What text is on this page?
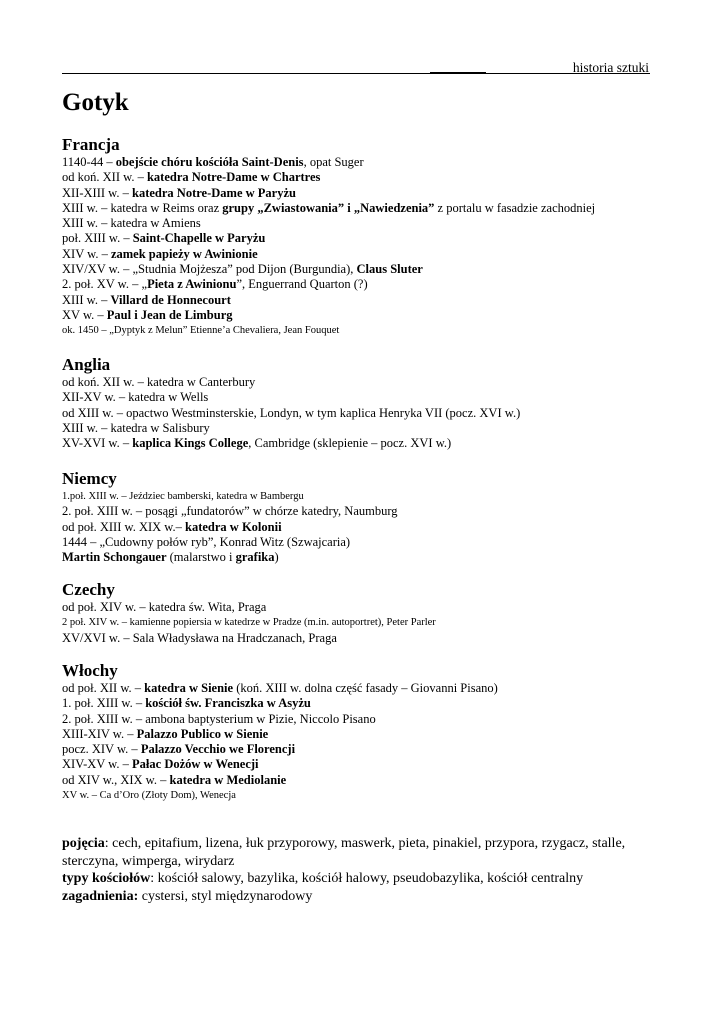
historia sztuki
Gotyk
Francja
1140-44 – obejście chóru kościóła Saint-Denis, opat Suger
od koń. XII w. – katedra Notre-Dame w Chartres
XII-XIII w. – katedra Notre-Dame w Paryżu
XIII w. – katedra w Reims oraz grupy „Zwiastowania” i „Nawiedzenia” z portalu w fasadzie zachodniej
XIII w. – katedra w Amiens
poł. XIII w. – Saint-Chapelle w Paryżu
XIV w. – zamek papieży w Awinionie
XIV/XV w. – „Studnia Mojżesza” pod Dijon (Burgundia), Claus Sluter
2. poł. XV w. – „Pieta z Awinionu”, Enguerrand Quarton (?)
XIII w. – Villard de Honnecourt
XV w. – Paul i Jean de Limburg
ok. 1450 – „Dyptyk z Melun” Etienne’a Chevaliera, Jean Fouquet
Anglia
od koń. XII w. – katedra w Canterbury
XII-XV w. – katedra w Wells
od XIII w. – opactwo Westminsterskie, Londyn, w tym kaplica Henryka VII (pocz. XVI w.)
XIII w. – katedra w Salisbury
XV-XVI w. – kaplica Kings College, Cambridge (sklepienie – pocz. XVI w.)
Niemcy
1.poł. XIII w. – Jeździec bamberski, katedra w Bambergu
2. poł. XIII w. – posągi „fundatorów” w chórze katedry, Naumburg
od poł. XIII w. XIX w.– katedra w Kolonii
1444 – „Cudowny połów ryb”, Konrad Witz (Szwajcaria)
Martin Schongauer (malarstwo i grafika)
Czechy
od poł. XIV w. – katedra św. Wita, Praga
2 poł. XIV w. – kamienne popiersia w katedrze w Pradze (m.in. autoportret), Peter Parler
XV/XVI w. – Sala Władysława na Hradczanach, Praga
Włochy
od poł. XII w. – katedra w Sienie (koń. XIII w. dolna część fasady – Giovanni Pisano)
1. poł. XIII w. – kościół św. Franciszka w Asyżu
2. poł. XIII w. – ambona baptysterium w Pizie, Niccolo Pisano
XIII-XIV w. – Palazzo Publico w Sienie
pocz. XIV w. – Palazzo Vecchio we Florencji
XIV-XV w. – Pałac Dożów w Wenecji
od XIV w., XIX w. – katedra w Mediolanie
XV w. – Ca d’Oro (Złoty Dom), Wenecja
pojęcia: cech, epitafium, lizena, łuk przyporowy, maswerk, pieta, pinakiel, przypora, rzygacz, stalle, sterczyna, wimperga, wirydarz
typy kościołów: kościół salowy, bazylika, kościół halowy, pseudobazylika, kościół centralny
zagadnienia: cystersi, styl międzynarodowy
